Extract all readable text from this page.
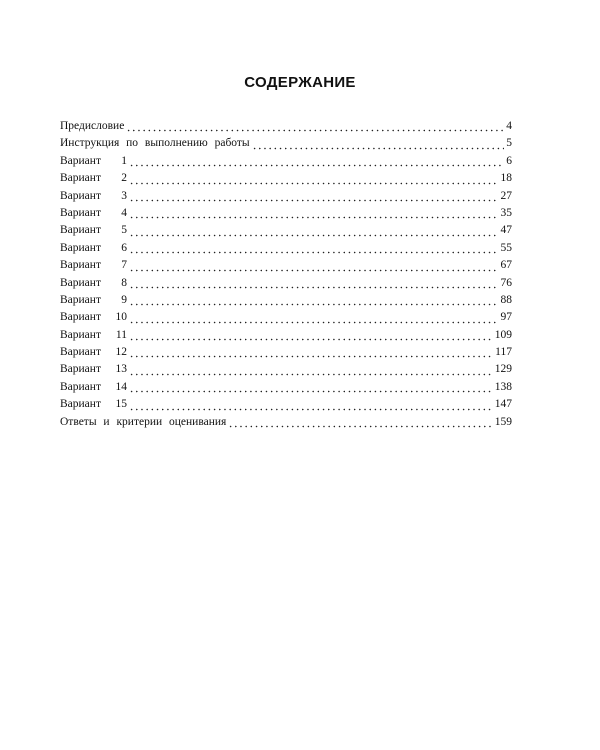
СОДЕРЖАНИЕ
Предисловие	4
Инструкция по выполнению работы	5
Вариант	1	6
Вариант	2	18
Вариант	3	27
Вариант	4	35
Вариант	5	47
Вариант	6	55
Вариант	7	67
Вариант	8	76
Вариант	9	88
Вариант 10	97
Вариант 11	109
Вариант 12	117
Вариант 13	129
Вариант 14	138
Вариант 15	147
Ответы и критерии оценивания	159
